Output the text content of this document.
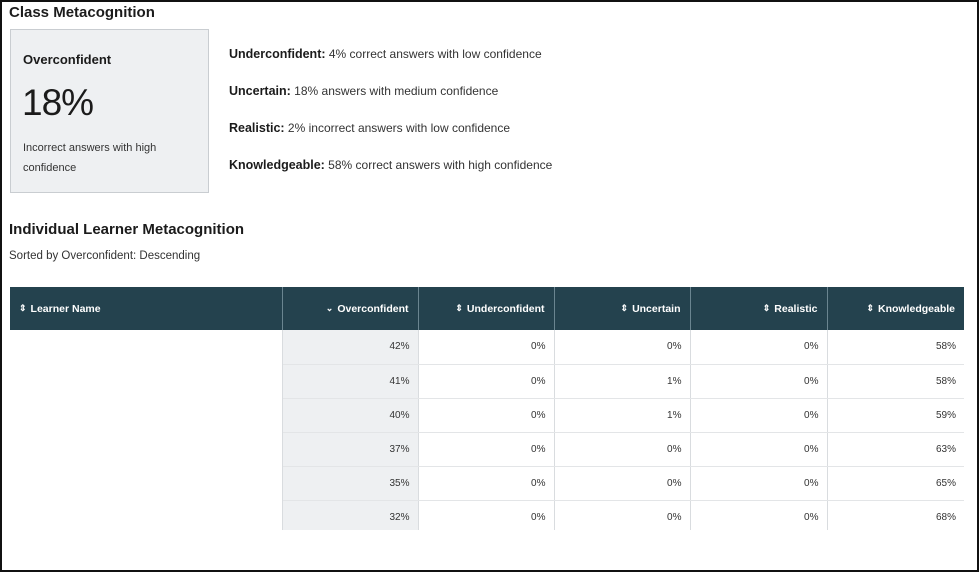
Class Metacognition
Overconfident
18%
Incorrect answers with high confidence
Underconfident: 4% correct answers with low confidence
Uncertain: 18% answers with medium confidence
Realistic: 2% incorrect answers with low confidence
Knowledgeable: 58% correct answers with high confidence
Individual Learner Metacognition
Sorted by Overconfident: Descending
⇕ Learner Name	⌄ Overconfident	⇕ Underconfident	⇕ Uncertain	⇕ Realistic	⇕ Knowledgeable
	42%	0%	0%	0%	58%
	41%	0%	1%	0%	58%
	40%	0%	1%	0%	59%
	37%	0%	0%	0%	63%
	35%	0%	0%	0%	65%
	32%	0%	0%	0%	68%
